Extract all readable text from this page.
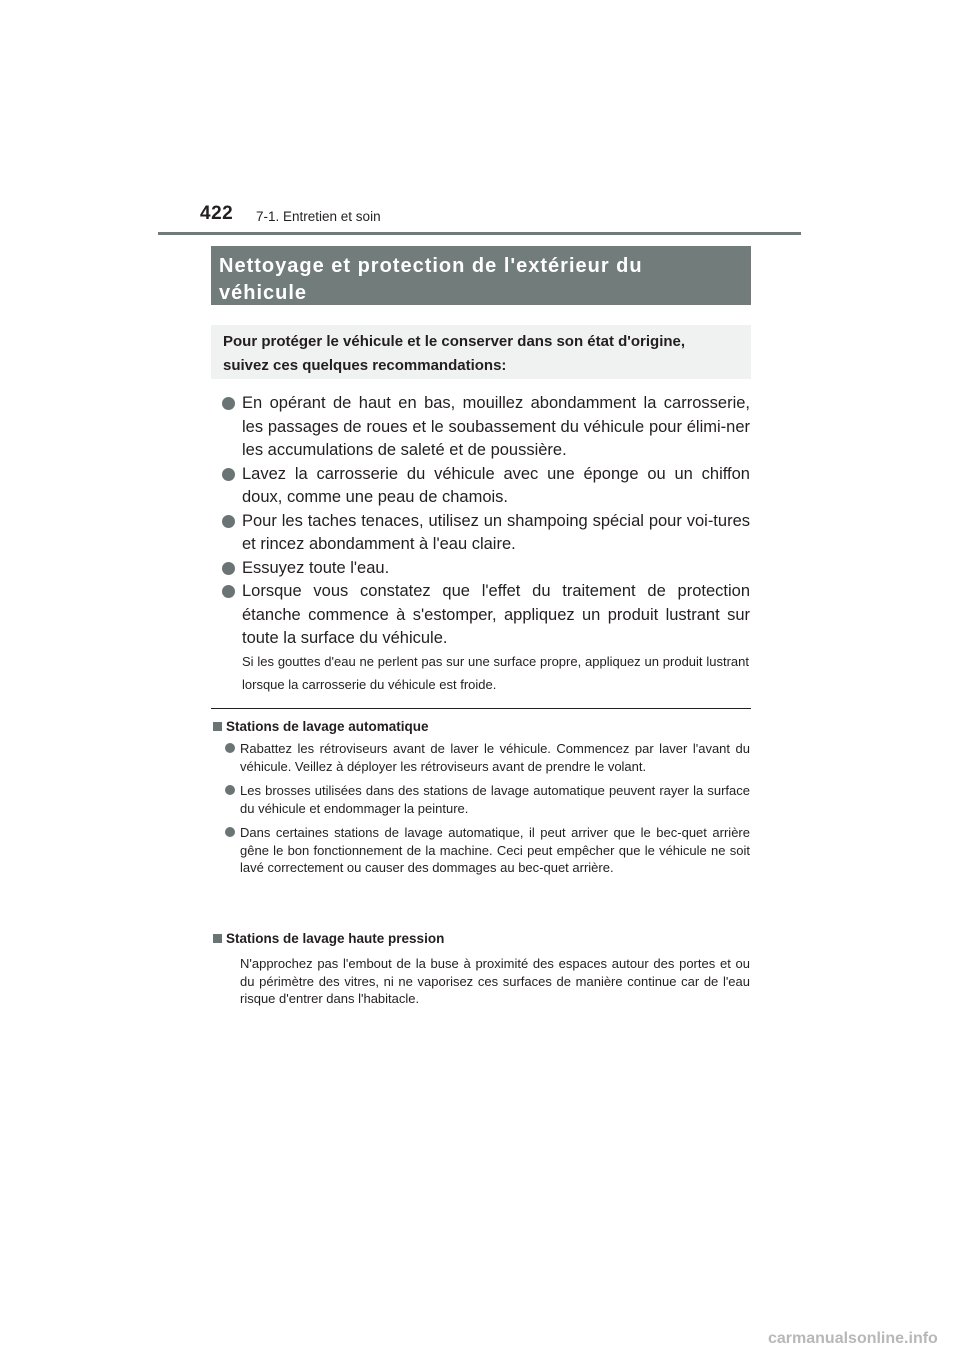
422 7-1. Entretien et soin
Nettoyage et protection de l'extérieur du
véhicule
Pour protéger le véhicule et le conserver dans son état d'origine,
suivez ces quelques recommandations:
En opérant de haut en bas, mouillez abondamment la carrosserie, les passages de roues et le soubassement du véhicule pour élimi-ner les accumulations de saleté et de poussière.
Lavez la carrosserie du véhicule avec une éponge ou un chiffon doux, comme une peau de chamois.
Pour les taches tenaces, utilisez un shampoing spécial pour voi-tures et rincez abondamment à l'eau claire.
Essuyez toute l'eau.
Lorsque vous constatez que l'effet du traitement de protection étanche commence à s'estomper, appliquez un produit lustrant sur toute la surface du véhicule.
Si les gouttes d'eau ne perlent pas sur une surface propre, appliquez un produit lustrant lorsque la carrosserie du véhicule est froide.
Stations de lavage automatique
Rabattez les rétroviseurs avant de laver le véhicule. Commencez par laver l'avant du véhicule. Veillez à déployer les rétroviseurs avant de prendre le volant.
Les brosses utilisées dans des stations de lavage automatique peuvent rayer la surface du véhicule et endommager la peinture.
Dans certaines stations de lavage automatique, il peut arriver que le bec-quet arrière gêne le bon fonctionnement de la machine. Ceci peut empêcher que le véhicule ne soit lavé correctement ou causer des dommages au bec-quet arrière.
Stations de lavage haute pression
N'approchez pas l'embout de la buse à proximité des espaces autour des portes et ou du périmètre des vitres, ni ne vaporisez ces surfaces de manière continue car de l'eau risque d'entrer dans l'habitacle.
carmanualsonline.info
